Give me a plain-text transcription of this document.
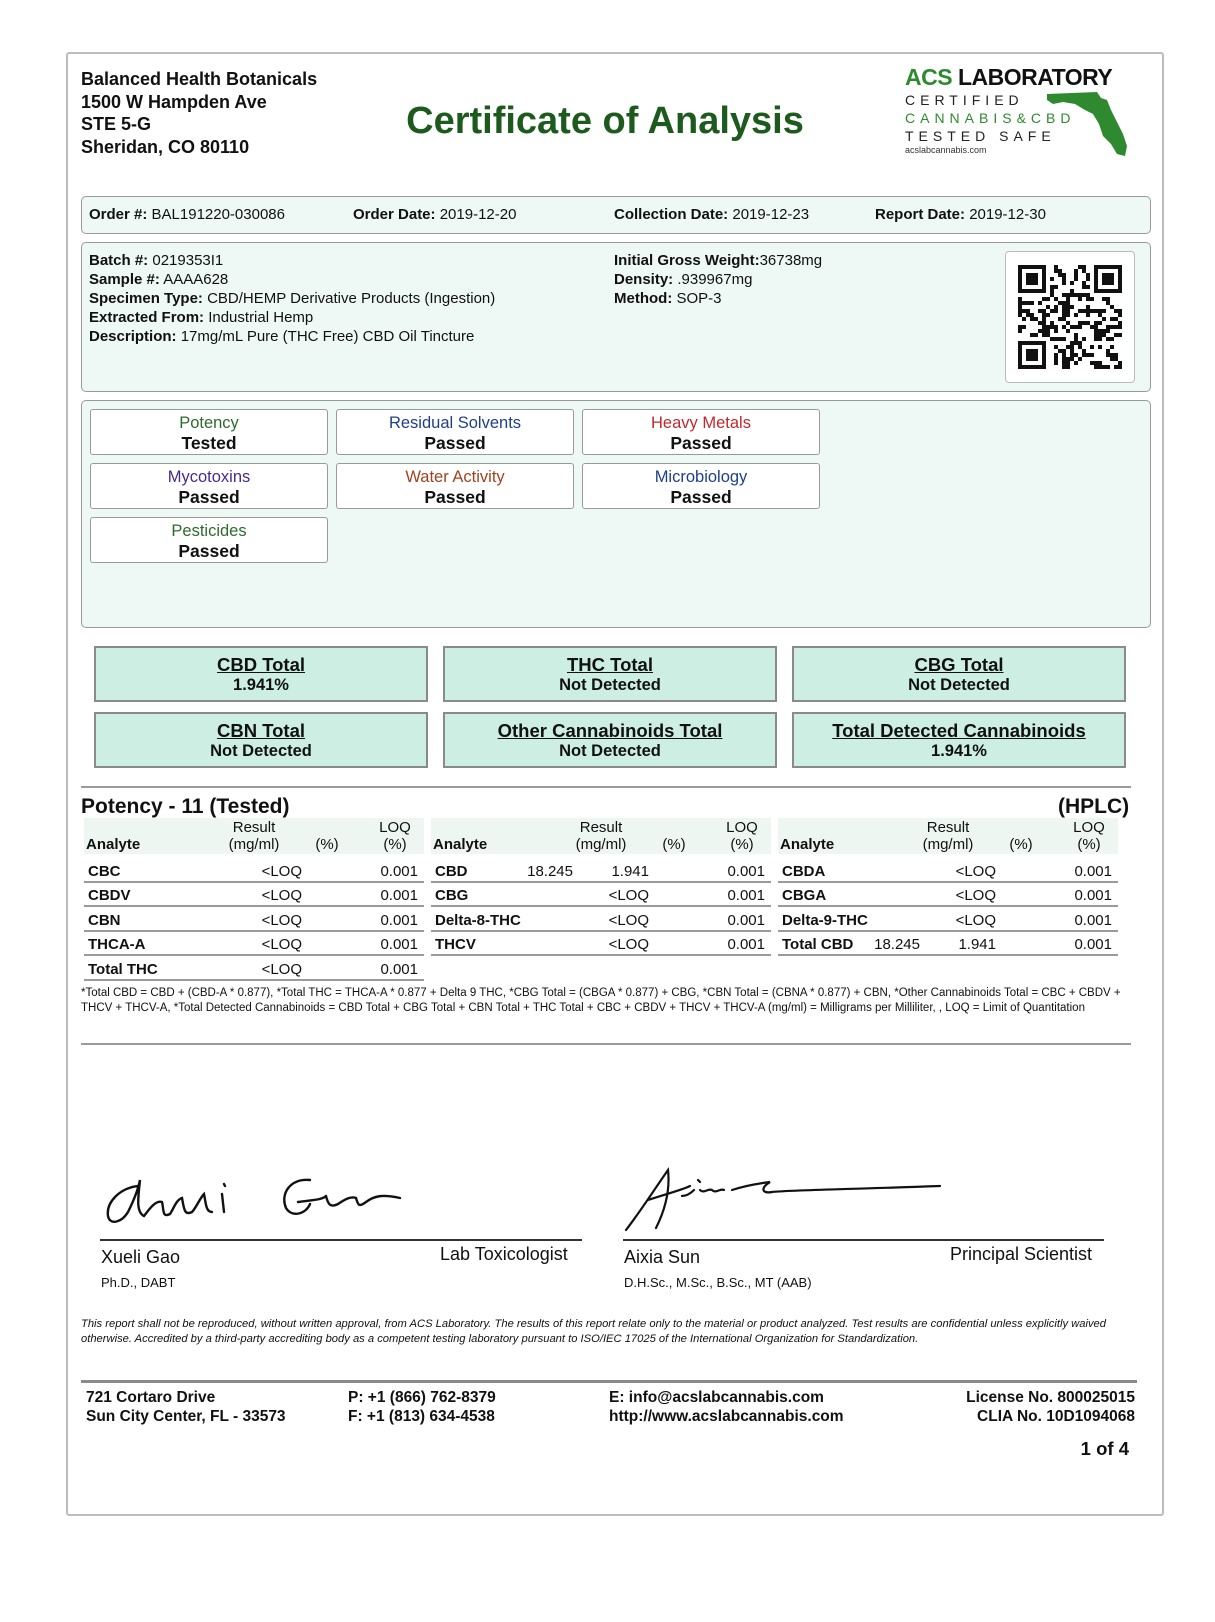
Balanced Health Botanicals
1500 W Hampden Ave
STE 5-G
Sheridan, CO 80110
Certificate of Analysis
ACS LABORATORY
CERTIFIED
CANNABIS&CBD
TESTED SAFE
acslabcannabis.com
Order #: BAL191220-030086	Order Date: 2019-12-20	Collection Date: 2019-12-23	Report Date: 2019-12-30
Batch #: 0219353I1
Sample #: AAAA628
Specimen Type: CBD/HEMP Derivative Products (Ingestion)
Extracted From: Industrial Hemp
Description: 17mg/mL Pure (THC Free) CBD Oil Tincture
Initial Gross Weight:36738mg
Density: .939967mg
Method: SOP-3
Potency
Tested
Residual Solvents
Passed
Heavy Metals
Passed
Mycotoxins
Passed
Water Activity
Passed
Microbiology
Passed
Pesticides
Passed
CBD Total
1.941%
THC Total
Not Detected
CBG Total
Not Detected
CBN Total
Not Detected
Other Cannabinoids Total
Not Detected
Total Detected Cannabinoids
1.941%
Potency - 11 (Tested)	(HPLC)
Analyte
Result
(mg/ml)	(%)
LOQ
(%)
CBC	<LOQ	0.001
CBDV	<LOQ	0.001
CBN	<LOQ	0.001
THCA-A	<LOQ	0.001
Total THC	<LOQ	0.001
Analyte
Result
(mg/ml)	(%)
LOQ
(%)
CBD	18.245	1.941	0.001
CBG	<LOQ	0.001
Delta-8-THC	<LOQ	0.001
THCV	<LOQ	0.001
Analyte
Result
(mg/ml)	(%)
LOQ
(%)
CBDA	<LOQ	0.001
CBGA	<LOQ	0.001
Delta-9-THC	<LOQ	0.001
Total CBD 18.245	1.941	0.001
*Total CBD = CBD + (CBD-A * 0.877), *Total THC = THCA-A * 0.877 + Delta 9 THC, *CBG Total = (CBGA * 0.877) + CBG, *CBN Total = (CBNA * 0.877) + CBN, *Other Cannabinoids Total = CBC + CBDV + THCV + THCV-A, *Total Detected Cannabinoids = CBD Total + CBG Total + CBN Total + THC Total + CBC + CBDV + THCV + THCV-A (mg/ml) = Milligrams per Milliliter, , LOQ = Limit of Quantitation
Xueli Gao	Lab Toxicologist
Ph.D., DABT
Aixia Sun	Principal Scientist
D.H.Sc., M.Sc., B.Sc., MT (AAB)
This report shall not be reproduced, without written approval, from ACS Laboratory. The results of this report relate only to the material or product analyzed. Test results are confidential unless explicitly waived otherwise. Accredited by a third-party accrediting body as a competent testing laboratory pursuant to ISO/IEC 17025 of the International Organization for Standardization.
721 Cortaro Drive
Sun City Center, FL - 33573
P: +1 (866) 762-8379
F: +1 (813) 634-4538
E: info@acslabcannabis.com
http://www.acslabcannabis.com
License No. 800025015
CLIA No. 10D1094068
1 of 4
